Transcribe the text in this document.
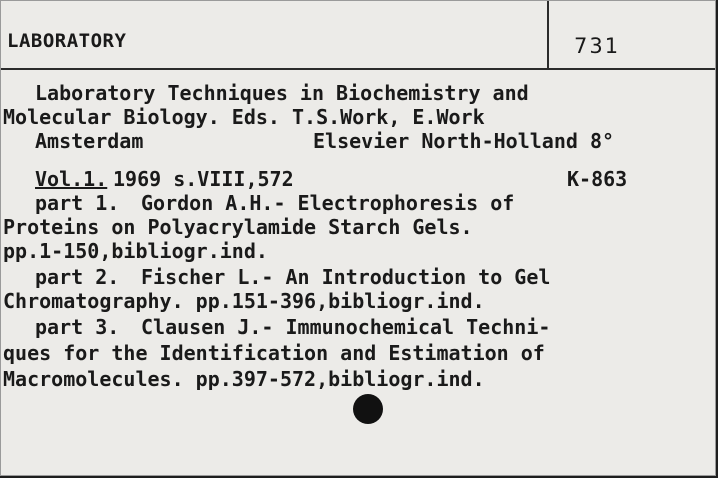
LABORATORY	731
Laboratory Techniques in Biochemistry and
Molecular Biology. Eds. T.S.Work, E.Work
Amsterdam	Elsevier North-Holland 8°
Vol.1. 1969 s.VIII,572	K-863
part 1. Gordon A.H.- Electrophoresis of
Proteins on Polyacrylamide Starch Gels.
pp.1-150,bibliogr.ind.
part 2. Fischer L.- An Introduction to Gel
Chromatography. pp.151-396,bibliogr.ind.
part 3. Clausen J.- Immunochemical Techni-
ques for the Identification and Estimation of
Macromolecules. pp.397-572,bibliogr.ind.
